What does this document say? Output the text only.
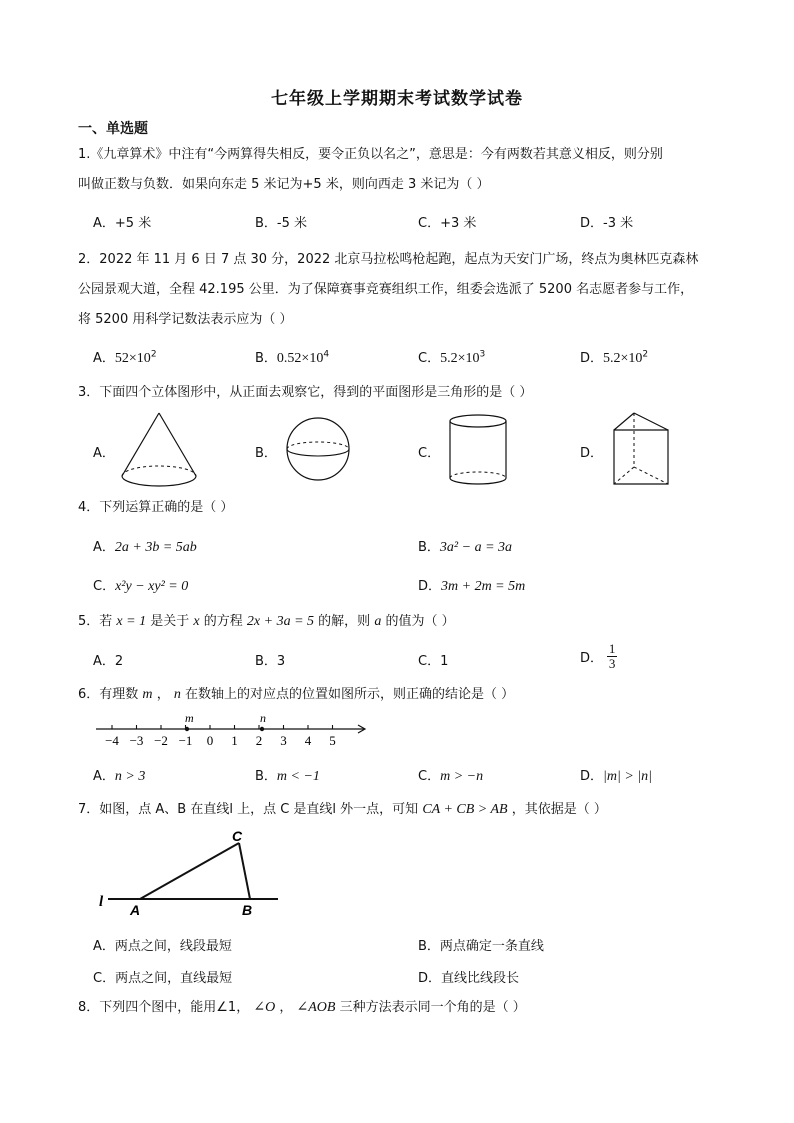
七年级上学期期末考试数学试卷
一、单选题
1.《九章算术》中注有“今两算得失相反，要令正负以名之”，意思是：今有两数若其意义相反，则分别
叫做正数与负数．如果向东走 5 米记为+5 米，则向西走 3 米记为（ ）
A．+5 米	B．-5 米	C．+3 米	D．-3 米
2．2022 年 11 月 6 日 7 点 30 分，2022 北京马拉松鸣枪起跑，起点为天安门广场，终点为奥林匹克森林
公园景观大道，全程 42.195 公里．为了保障赛事竞赛组织工作，组委会选派了 5200 名志愿者参与工作，
将 5200 用科学记数法表示应为（ ）
A．$52\times 10^2$	B．$0.52\times 10^4$	C．$5.2\times 10^3$	D．$5.2\times 10^2$
3．下面四个立体图形中，从正面去观察它，得到的平面图形是三角形的是（ ）
A．	B．	C．	D．
4．下列运算正确的是（ ）
A．2a + 3b = 5ab	B．3a² − a = 3a
C．x²y − xy² = 0	D．3m + 2m = 5m
5．若 x = 1 是关于 x 的方程 2x + 3a = 5 的解，则 a 的值为（ ）
A．2	B．3	C．1	D． $\frac{1}{3}$
6．有理数 m ， n 在数轴上的对应点的位置如图所示，则正确的结论是（ ）
−4 −3 −2 −1 0 1 2 3 4 5
m	n
A．n > 3	B．m < −1	C．m > −n	D．|m| > |n|
7．如图，点 A、B 在直线l 上，点 C 是直线l 外一点，可知 CA + CB > AB ，其依据是（ ）
l A	B
C
A．两点之间，线段最短	B．两点确定一条直线
C．两点之间，直线最短	D．直线比线段长
8．下列四个图中，能用∠1， ∠O ， ∠AOB 三种方法表示同一个角的是（ ）
